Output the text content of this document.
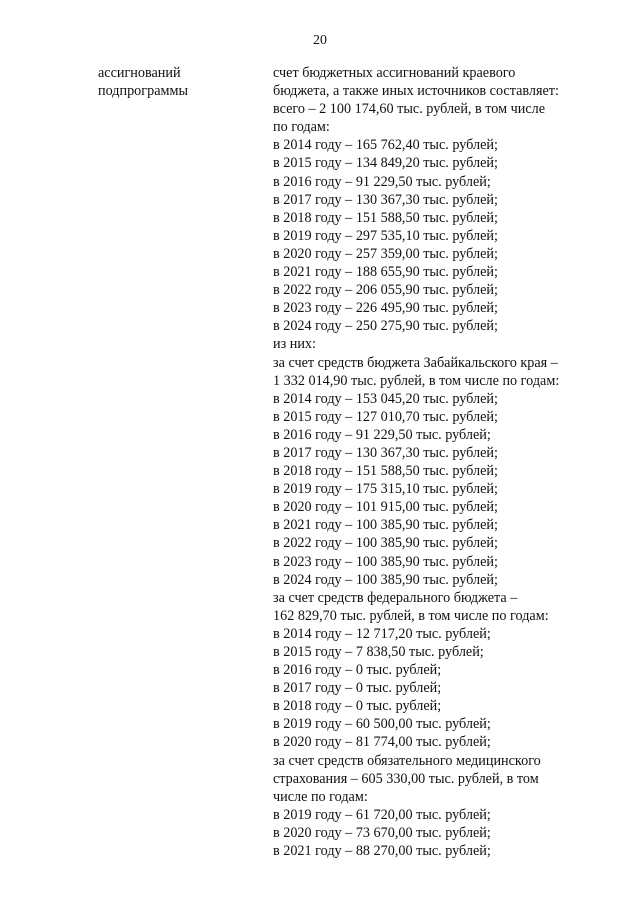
20
ассигнований
подпрограммы
счет бюджетных ассигнований краевого
бюджета, а также иных источников составляет:
всего – 2 100 174,60 тыс. рублей, в том числе
по годам:
в 2014 году – 165 762,40 тыс. рублей;
в 2015 году – 134 849,20 тыс. рублей;
в 2016 году – 91 229,50 тыс. рублей;
в 2017 году – 130 367,30 тыс. рублей;
в 2018 году – 151 588,50 тыс. рублей;
в 2019 году – 297 535,10 тыс. рублей;
в 2020 году – 257 359,00 тыс. рублей;
в 2021 году – 188 655,90 тыс. рублей;
в 2022 году – 206 055,90 тыс. рублей;
в 2023 году – 226 495,90 тыс. рублей;
в 2024 году – 250 275,90 тыс. рублей;
из них:
за счет средств бюджета Забайкальского края –
1 332 014,90 тыс. рублей, в том числе по годам:
в 2014 году – 153 045,20 тыс. рублей;
в 2015 году – 127 010,70 тыс. рублей;
в 2016 году – 91 229,50 тыс. рублей;
в 2017 году – 130 367,30 тыс. рублей;
в 2018 году – 151 588,50 тыс. рублей;
в 2019 году – 175 315,10 тыс. рублей;
в 2020 году – 101 915,00 тыс. рублей;
в 2021 году – 100 385,90 тыс. рублей;
в 2022 году – 100 385,90 тыс. рублей;
в 2023 году – 100 385,90 тыс. рублей;
в 2024 году – 100 385,90 тыс. рублей;
за счет средств федерального бюджета –
162 829,70 тыс. рублей, в том числе по годам:
в 2014 году – 12 717,20 тыс. рублей;
в 2015 году – 7 838,50 тыс. рублей;
в 2016 году – 0 тыс. рублей;
в 2017 году – 0 тыс. рублей;
в 2018 году – 0 тыс. рублей;
в 2019 году – 60 500,00 тыс. рублей;
в 2020 году – 81 774,00 тыс. рублей;
за счет средств обязательного медицинского
страхования – 605 330,00 тыс. рублей, в том
числе по годам:
в 2019 году – 61 720,00 тыс. рублей;
в 2020 году – 73 670,00 тыс. рублей;
в 2021 году – 88 270,00 тыс. рублей;
